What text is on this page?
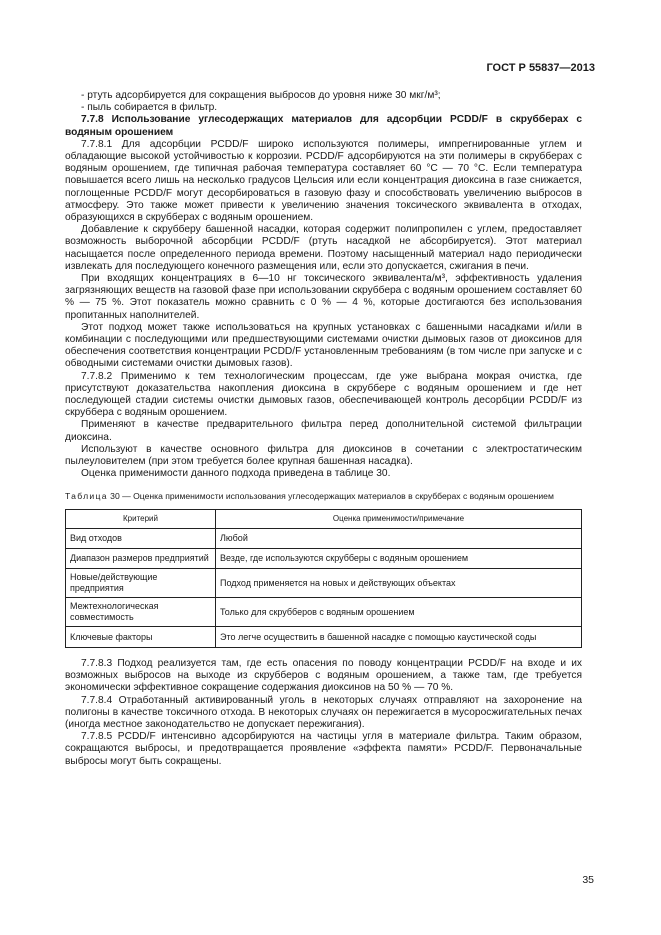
ГОСТ Р 55837—2013

- ртуть адсорбируется для сокращения выбросов до уровня ниже 30 мкг/м³;

- пыль собирается в фильтр.

7.7.8 Использование углесодержащих материалов для адсорбции PCDD/F в скрубберах с водяным орошением

7.7.8.1 Для адсорбции PCDD/F широко используются полимеры, импрегнированные углем и обладающие высокой устойчивостью к коррозии. PCDD/F адсорбируются на эти полимеры в скрубберах с водяным орошением, где типичная рабочая температура составляет 60 °C — 70 °C. Если температура повышается всего лишь на несколько градусов Цельсия или если концентрация диоксина в газе снижается, поглощенные PCDD/F могут десорбироваться в газовую фазу и способствовать увеличению выбросов в атмосферу. Это также может привести к увеличению значения токсического эквивалента в отходах, образующихся в скрубберах с водяным орошением.

Добавление к скрубберу башенной насадки, которая содержит полипропилен с углем, предоставляет возможность выборочной абсорбции PCDD/F (ртуть насадкой не абсорбируется). Этот материал насыщается после определенного периода времени. Поэтому насыщенный материал надо периодически извлекать для последующего конечного размещения или, если это допускается, сжигания в печи.

При входящих концентрациях в 6—10 нг токсического эквивалента/м³, эффективность удаления загрязняющих веществ на газовой фазе при использовании скруббера с водяным орошением составляет 60 % — 75 %. Этот показатель можно сравнить с 0 % — 4 %, которые достигаются без использования пропитанных наполнителей.

Этот подход может также использоваться на крупных установках с башенными насадками и/или в комбинации с последующими или предшествующими системами очистки дымовых газов от диоксинов для обеспечения соответствия концентрации PCDD/F установленным требованиям (в том числе при запуске и с обводными системами очистки дымовых газов).

7.7.8.2 Применимо к тем технологическим процессам, где уже выбрана мокрая очистка, где присутствуют доказательства накопления диоксина в скруббере с водяным орошением и где нет последующей стадии системы очистки дымовых газов, обеспечивающей контроль десорбции PCDD/F из скруббера с водяным орошением.

Применяют в качестве предварительного фильтра перед дополнительной системой фильтрации диоксина.

Используют в качестве основного фильтра для диоксинов в сочетании с электростатическим пылеуловителем (при этом требуется более крупная башенная насадка).

Оценка применимости данного подхода приведена в таблице 30.

Таблица 30 — Оценка применимости использования углесодержащих материалов в скрубберах с водяным орошением

Критерий	Оценка применимости/примечание
Вид отходов	Любой
Диапазон размеров предприятий	Везде, где используются скрубберы с водяным орошением
Новые/действующие предприятия	Подход применяется на новых и действующих объектах
Межтехнологическая совместимость	Только для скрубберов с водяным орошением
Ключевые факторы	Это легче осуществить в башенной насадке с помощью каустической соды

7.7.8.3 Подход реализуется там, где есть опасения по поводу концентрации PCDD/F на входе и их возможных выбросов на выходе из скрубберов с водяным орошением, а также там, где требуется экономически эффективное сокращение содержания диоксинов на 50 % — 70 %.

7.7.8.4 Отработанный активированный уголь в некоторых случаях отправляют на захоронение на полигоны в качестве токсичного отхода. В некоторых случаях он пережигается в мусоросжигательных печах (иногда местное законодательство не допускает пережигания).

7.7.8.5 PCDD/F интенсивно адсорбируются на частицы угля в материале фильтра. Таким образом, сокращаются выбросы, и предотвращается проявление «эффекта памяти» PCDD/F. Первоначальные выбросы могут быть сокращены.

35
